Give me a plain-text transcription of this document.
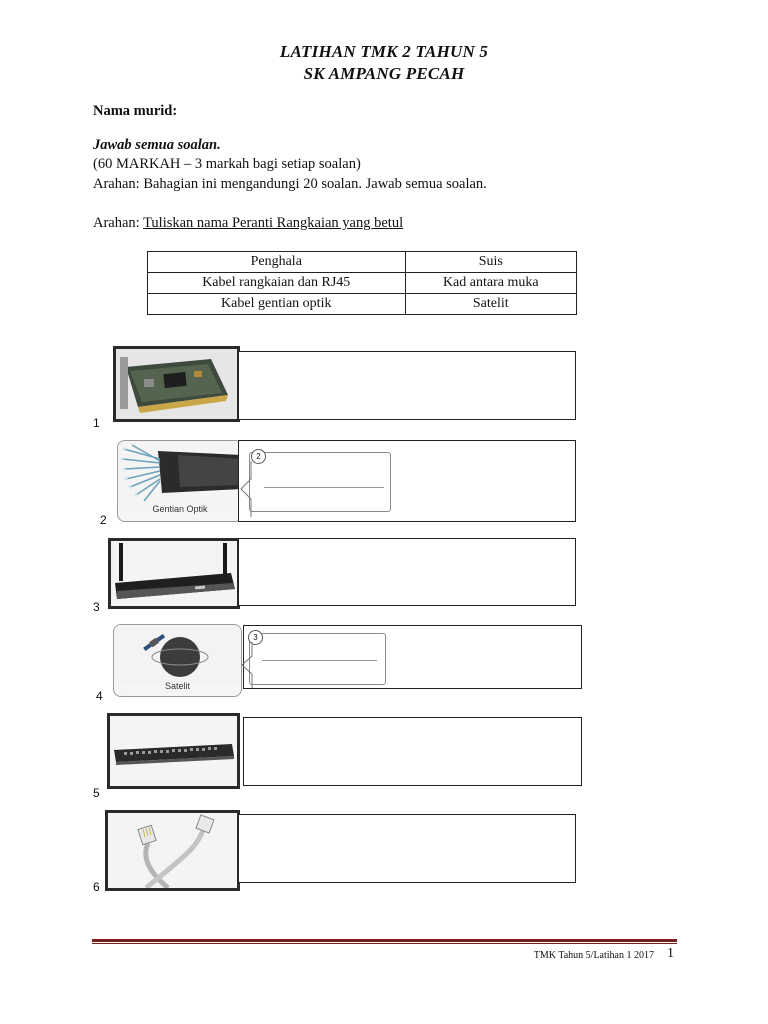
LATIHAN TMK 2 TAHUN 5
SK AMPANG PECAH
Nama murid:
Jawab semua soalan.
(60 MARKAH – 3 markah bagi setiap soalan)
Arahan: Bahagian ini mengandungi 20 soalan. Jawab semua soalan.
Arahan: Tuliskan nama Peranti Rangkaian yang betul
Penghala	Suis
Kabel rangkaian dan RJ45	Kad antara muka
Kabel gentian optik	Satelit
1
Gentian Optik
2
2
3
Satelit
3
4
5
6
TMK Tahun 5/Latihan 1 2017 1
